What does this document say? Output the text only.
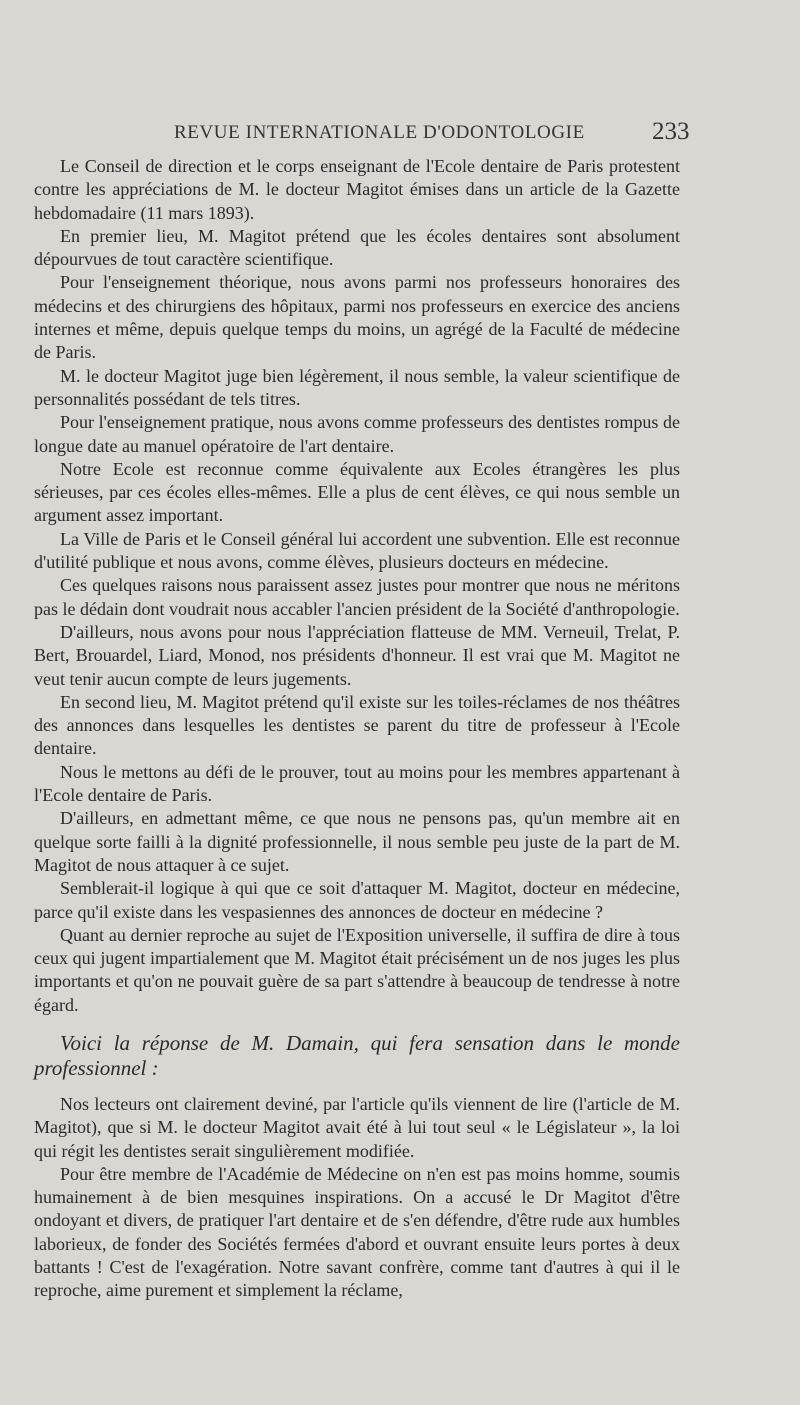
REVUE INTERNATIONALE D'ODONTOLOGIE	233

Le Conseil de direction et le corps enseignant de l'Ecole dentaire de Paris protestent contre les appréciations de M. le docteur Magitot émises dans un article de la Gazette hebdomadaire (11 mars 1893).

En premier lieu, M. Magitot prétend que les écoles dentaires sont absolument dépourvues de tout caractère scientifique.

Pour l'enseignement théorique, nous avons parmi nos professeurs honoraires des médecins et des chirurgiens des hôpitaux, parmi nos professeurs en exercice des anciens internes et même, depuis quelque temps du moins, un agrégé de la Faculté de médecine de Paris.

M. le docteur Magitot juge bien légèrement, il nous semble, la valeur scientifique de personnalités possédant de tels titres.

Pour l'enseignement pratique, nous avons comme professeurs des dentistes rompus de longue date au manuel opératoire de l'art dentaire.

Notre Ecole est reconnue comme équivalente aux Ecoles étrangères les plus sérieuses, par ces écoles elles-mêmes. Elle a plus de cent élèves, ce qui nous semble un argument assez important.

La Ville de Paris et le Conseil général lui accordent une subvention. Elle est reconnue d'utilité publique et nous avons, comme élèves, plusieurs docteurs en médecine.

Ces quelques raisons nous paraissent assez justes pour montrer que nous ne méritons pas le dédain dont voudrait nous accabler l'ancien président de la Société d'anthropologie.

D'ailleurs, nous avons pour nous l'appréciation flatteuse de MM. Verneuil, Trelat, P. Bert, Brouardel, Liard, Monod, nos présidents d'honneur. Il est vrai que M. Magitot ne veut tenir aucun compte de leurs jugements.

En second lieu, M. Magitot prétend qu'il existe sur les toiles-réclames de nos théâtres des annonces dans lesquelles les dentistes se parent du titre de professeur à l'Ecole dentaire.

Nous le mettons au défi de le prouver, tout au moins pour les membres appartenant à l'Ecole dentaire de Paris.

D'ailleurs, en admettant même, ce que nous ne pensons pas, qu'un membre ait en quelque sorte failli à la dignité professionnelle, il nous semble peu juste de la part de M. Magitot de nous attaquer à ce sujet.

Semblerait-il logique à qui que ce soit d'attaquer M. Magitot, docteur en médecine, parce qu'il existe dans les vespasiennes des annonces de docteur en médecine ?

Quant au dernier reproche au sujet de l'Exposition universelle, il suffira de dire à tous ceux qui jugent impartialement que M. Magitot était précisément un de nos juges les plus importants et qu'on ne pouvait guère de sa part s'attendre à beaucoup de tendresse à notre égard.

Voici la réponse de M. Damain, qui fera sensation dans le monde professionnel :

Nos lecteurs ont clairement deviné, par l'article qu'ils viennent de lire (l'article de M. Magitot), que si M. le docteur Magitot avait été à lui tout seul « le Législateur », la loi qui régit les dentistes serait singulièrement modifiée.

Pour être membre de l'Académie de Médecine on n'en est pas moins homme, soumis humainement à de bien mesquines inspirations. On a accusé le Dr Magitot d'être ondoyant et divers, de pratiquer l'art dentaire et de s'en défendre, d'être rude aux humbles laborieux, de fonder des Sociétés fermées d'abord et ouvrant ensuite leurs portes à deux battants ! C'est de l'exagération. Notre savant confrère, comme tant d'autres à qui il le reproche, aime purement et simplement la réclame,
